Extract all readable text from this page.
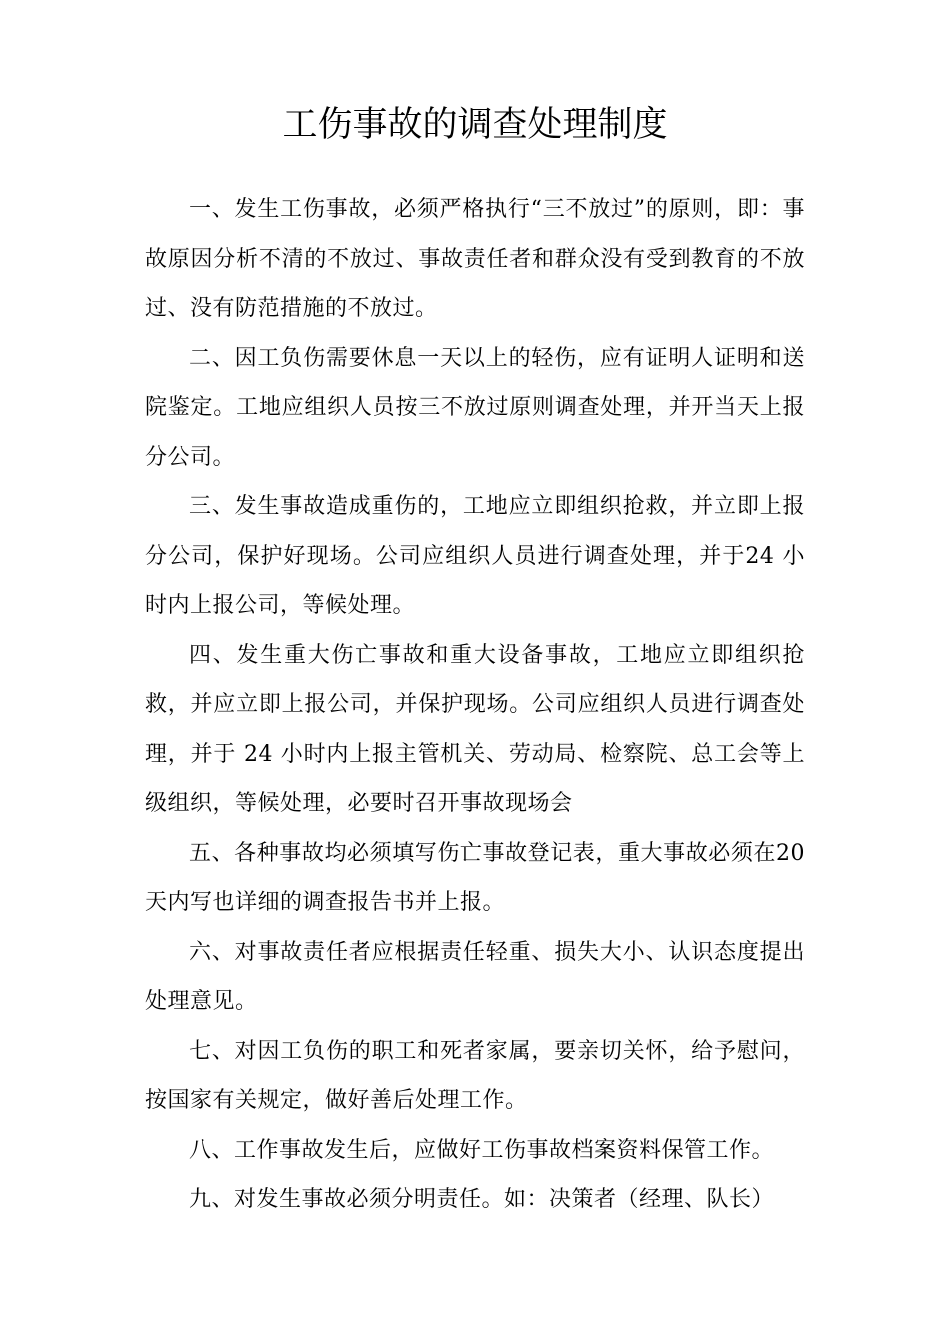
工伤事故的调查处理制度

一、发生工伤事故，必须严格执行“三不放过”的原则，即：事故原因分析不清的不放过、事故责任者和群众没有受到教育的不放过、没有防范措施的不放过。

二、因工负伤需要休息一天以上的轻伤，应有证明人证明和送院鉴定。工地应组织人员按三不放过原则调查处理，并开当天上报分公司。

三、发生事故造成重伤的，工地应立即组织抢救，并立即上报分公司，保护好现场。公司应组织人员进行调查处理，并于24 小时内上报公司，等候处理。

四、发生重大伤亡事故和重大设备事故，工地应立即组织抢救，并应立即上报公司，并保护现场。公司应组织人员进行调查处理，并于 24 小时内上报主管机关、劳动局、检察院、总工会等上级组织，等候处理，必要时召开事故现场会

五、各种事故均必须填写伤亡事故登记表，重大事故必须在20天内写也详细的调查报告书并上报。

六、对事故责任者应根据责任轻重、损失大小、认识态度提出处理意见。

七、对因工负伤的职工和死者家属，要亲切关怀，给予慰问，按国家有关规定，做好善后处理工作。

八、工作事故发生后，应做好工伤事故档案资料保管工作。

九、对发生事故必须分明责任。如：决策者（经理、队长）
